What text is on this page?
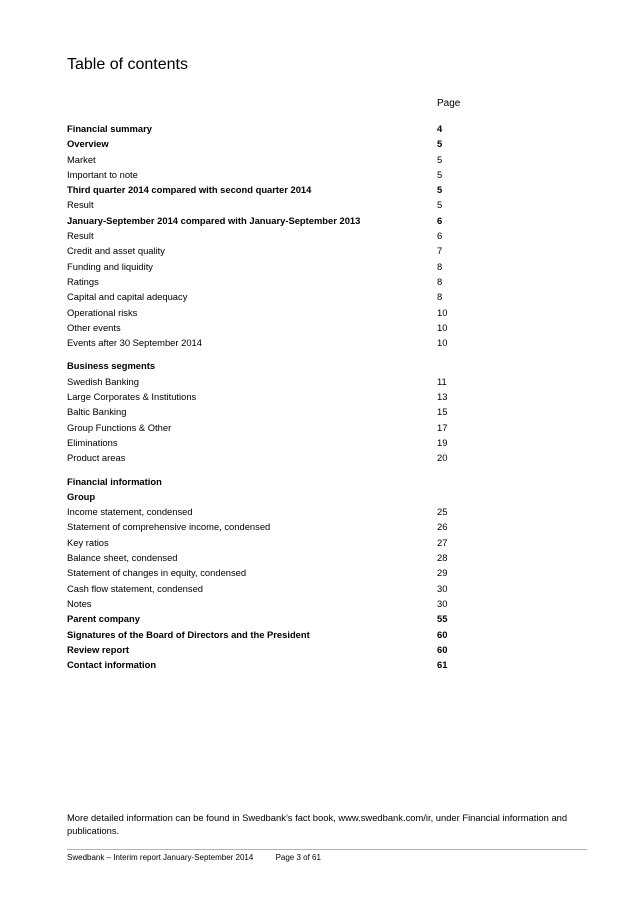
Table of contents
Page
Financial summary	4
Overview	5
Market	5
Important to note	5
Third quarter 2014 compared with second quarter 2014	5
Result	5
January-September 2014 compared with January-September 2013	6
Result	6
Credit and asset quality	7
Funding and liquidity	8
Ratings	8
Capital and capital adequacy	8
Operational risks	10
Other events	10
Events after 30 September 2014	10
Business segments
Swedish Banking	11
Large Corporates & Institutions	13
Baltic Banking	15
Group Functions & Other	17
Eliminations	19
Product areas	20
Financial information
Group
Income statement, condensed	25
Statement of comprehensive income, condensed	26
Key ratios	27
Balance sheet, condensed	28
Statement of changes in equity, condensed	29
Cash flow statement, condensed	30
Notes	30
Parent company	55
Signatures of the Board of Directors and the President	60
Review report	60
Contact information	61
More detailed information can be found in Swedbank’s fact book, www.swedbank.com/ir, under Financial information and publications.
Swedbank – Interim report January-September 2014	Page 3 of 61
